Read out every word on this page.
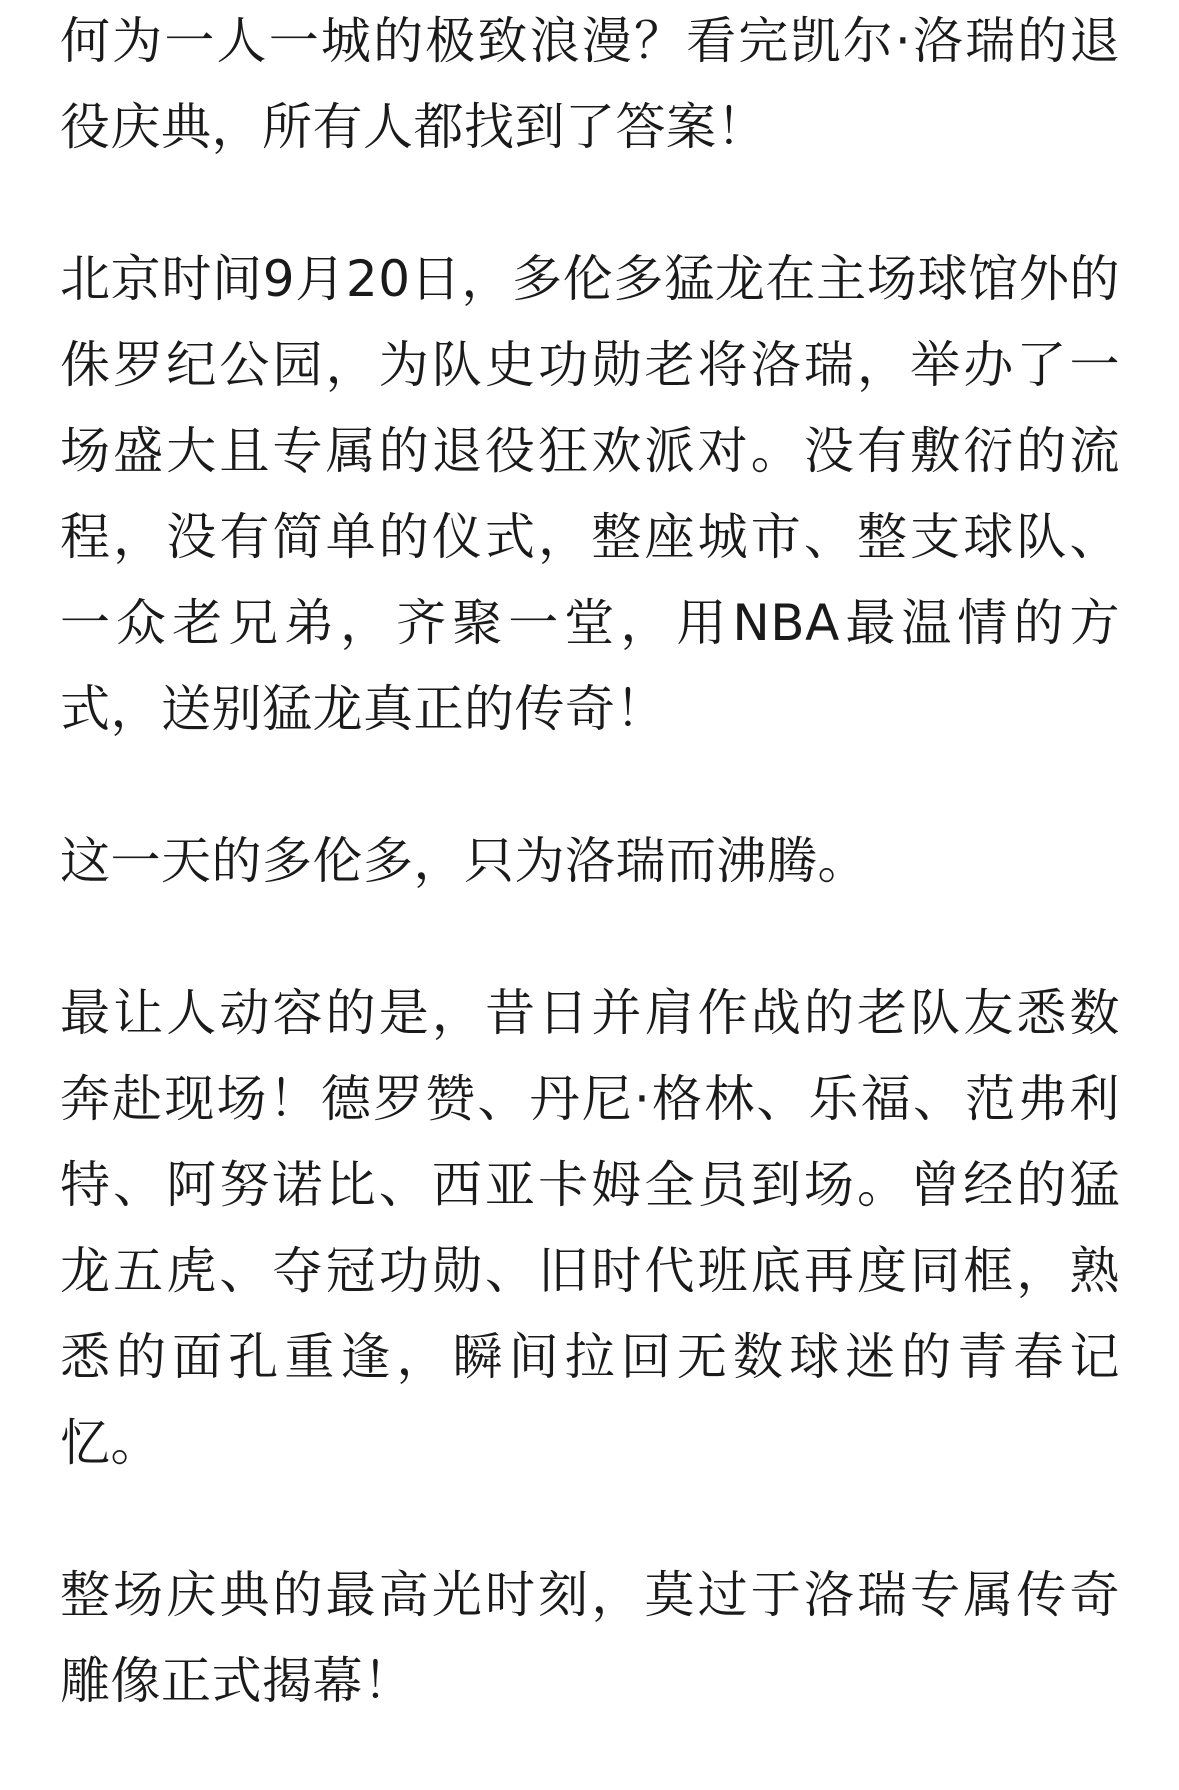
何为一人一城的极致浪漫？看完凯尔·洛瑞的退役庆典，所有人都找到了答案！

北京时间9月20日，多伦多猛龙在主场球馆外的侏罗纪公园，为队史功勋老将洛瑞，举办了一场盛大且专属的退役狂欢派对。没有敷衍的流程，没有简单的仪式，整座城市、整支球队、一众老兄弟，齐聚一堂，用NBA最温情的方式，送别猛龙真正的传奇！

这一天的多伦多，只为洛瑞而沸腾。

最让人动容的是，昔日并肩作战的老队友悉数奔赴现场！德罗赞、丹尼·格林、乐福、范弗利特、阿努诺比、西亚卡姆全员到场。曾经的猛龙五虎、夺冠功勋、旧时代班底再度同框，熟悉的面孔重逢，瞬间拉回无数球迷的青春记忆。

整场庆典的最高光时刻，莫过于洛瑞专属传奇雕像正式揭幕！
